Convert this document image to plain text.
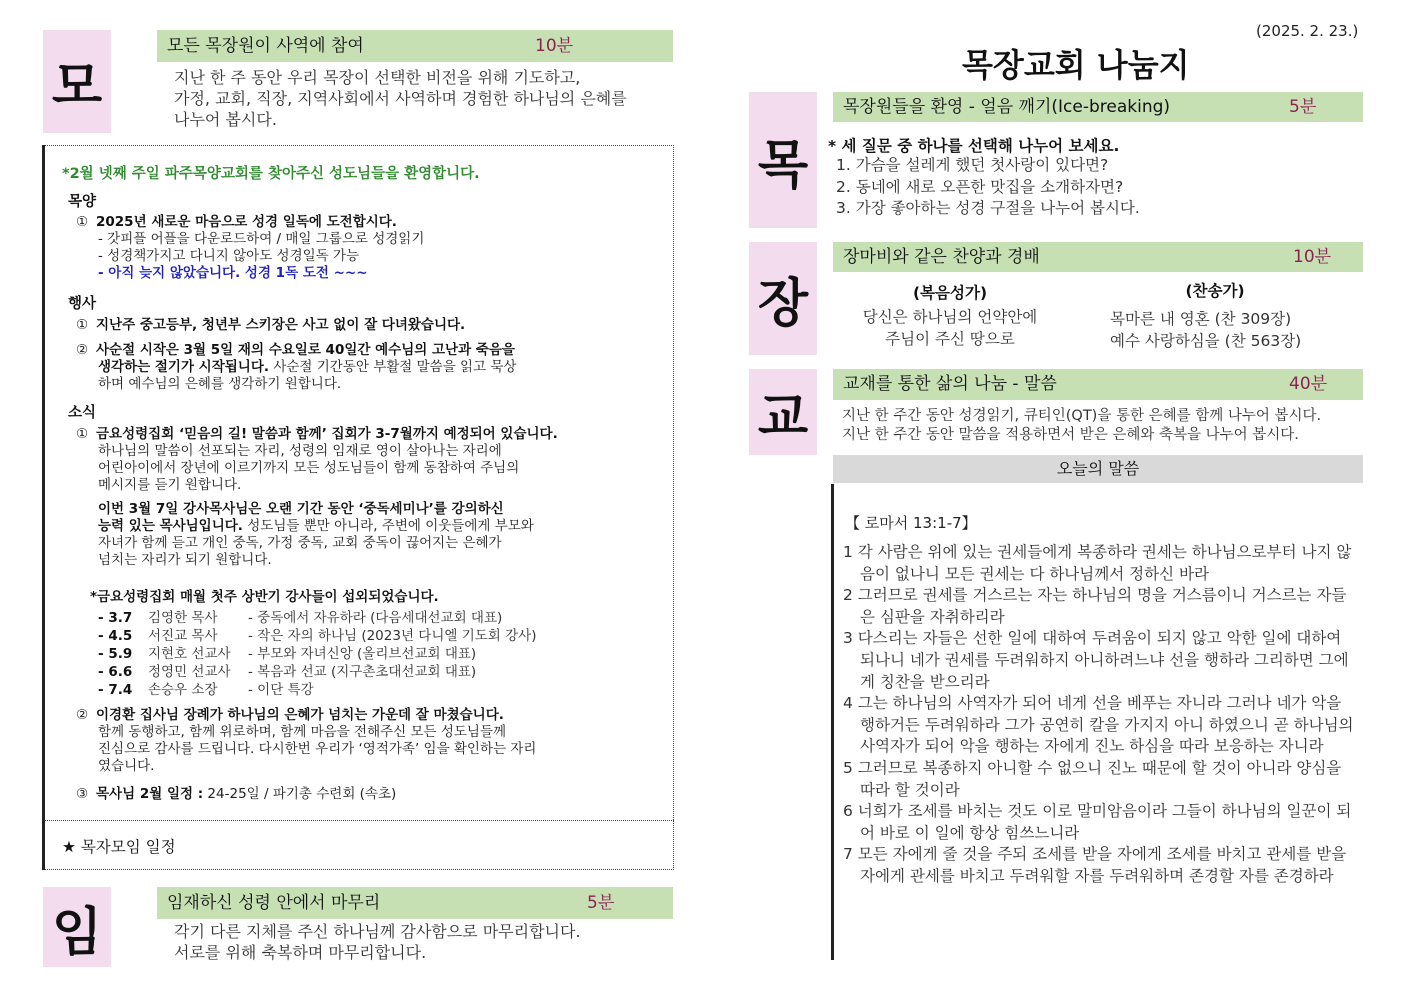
모
모든 목장원이 사역에 참여	10분
지난 한 주 동안 우리 목장이 선택한 비전을 위해 기도하고,
가정, 교회, 직장, 지역사회에서 사역하며 경험한 하나님의 은혜를
나누어 봅시다.
*2월 넷째 주일 파주목양교회를 찾아주신 성도님들을 환영합니다.
목양
① 2025년 새로운 마음으로 성경 일독에 도전합시다.
- 갓피플 어플을 다운로드하여 / 매일 그룹으로 성경읽기
- 성경책가지고 다니지 않아도 성경일독 가능
- 아직 늦지 않았습니다. 성경 1독 도전 ~~~
행사
① 지난주 중고등부, 청년부 스키장은 사고 없이 잘 다녀왔습니다.
② 사순절 시작은 3월 5일 재의 수요일로 40일간 예수님의 고난과 죽음을
생각하는 절기가 시작됩니다. 사순절 기간동안 부활절 말씀을 읽고 묵상
하며 예수님의 은혜를 생각하기 원합니다.
소식
① 금요성령집회 ‘믿음의 길! 말씀과 함께’ 집회가 3-7월까지 예정되어 있습니다.
하나님의 말씀이 선포되는 자리, 성령의 임재로 영이 살아나는 자리에
어린아이에서 장년에 이르기까지 모든 성도님들이 함께 동참하여 주님의
메시지를 듣기 원합니다.
이번 3월 7일 강사목사님은 오랜 기간 동안 ‘중독세미나’를 강의하신
능력 있는 목사님입니다. 성도님들 뿐만 아니라, 주변에 이웃들에게 부모와
자녀가 함께 듣고 개인 중독, 가정 중독, 교회 중독이 끊어지는 은혜가
넘치는 자리가 되기 원합니다.
*금요성령집회 매월 첫주 상반기 강사들이 섭외되었습니다.
- 3.7 김영한 목사 - 중독에서 자유하라 (다음세대선교회 대표)
- 4.5 서진교 목사 - 작은 자의 하나님 (2023년 다니엘 기도회 강사)
- 5.9 지현호 선교사 - 부모와 자녀신앙 (올리브선교회 대표)
- 6.6 정영민 선교사 - 복음과 선교 (지구촌초대선교회 대표)
- 7.4 손승우 소장 - 이단 특강
② 이경환 집사님 장례가 하나님의 은혜가 넘치는 가운데 잘 마쳤습니다.
함께 동행하고, 함께 위로하며, 함께 마음을 전해주신 모든 성도님들께
진심으로 감사를 드립니다. 다시한번 우리가 ‘영적가족’ 임을 확인하는 자리
였습니다.
③ 목사님 2월 일정 : 24-25일 / 파기총 수련회 (속초)
★ 목자모임 일정
임	임재하신 성령 안에서 마무리	5분
각기 다른 지체를 주신 하나님께 감사함으로 마무리합니다.
서로를 위해 축복하며 마무리합니다.
(2025. 2. 23.)
목장교회 나눔지
목
목장원들을 환영 - 얼음 깨기(Ice-breaking)	5분
* 세 질문 중 하나를 선택해 나누어 보세요.
1. 가슴을 설레게 했던 첫사랑이 있다면?
2. 동네에 새로 오픈한 맛집을 소개하자면?
3. 가장 좋아하는 성경 구절을 나누어 봅시다.
장
장마비와 같은 찬양과 경배	10분
(복음성가)
당신은 하나님의 언약안에
주님이 주신 땅으로
(찬송가)
목마른 내 영혼 (찬 309장)
예수 사랑하심을 (찬 563장)
교
교재를 통한 삶의 나눔 - 말씀	40분
지난 한 주간 동안 성경읽기, 큐티인(QT)을 통한 은혜를 함께 나누어 봅시다.
지난 한 주간 동안 말씀을 적용하면서 받은 은혜와 축복을 나누어 봅시다.
오늘의 말씀
【 로마서 13:1-7】
1 각 사람은 위에 있는 권세들에게 복종하라 권세는 하나님으로부터 나지 않음이 없나니 모든 권세는 다 하나님께서 정하신 바라
2 그러므로 권세를 거스르는 자는 하나님의 명을 거스름이니 거스르는 자들은 심판을 자취하리라
3 다스리는 자들은 선한 일에 대하여 두려움이 되지 않고 악한 일에 대하여 되나니 네가 권세를 두려워하지 아니하려느냐 선을 행하라 그리하면 그에게 칭찬을 받으리라
4 그는 하나님의 사역자가 되어 네게 선을 베푸는 자니라 그러나 네가 악을 행하거든 두려워하라 그가 공연히 칼을 가지지 아니 하였으니 곧 하나님의 사역자가 되어 악을 행하는 자에게 진노 하심을 따라 보응하는 자니라
5 그러므로 복종하지 아니할 수 없으니 진노 때문에 할 것이 아니라 양심을 따라 할 것이라
6 너희가 조세를 바치는 것도 이로 말미암음이라 그들이 하나님의 일꾼이 되어 바로 이 일에 항상 힘쓰느니라
7 모든 자에게 줄 것을 주되 조세를 받을 자에게 조세를 바치고 관세를 받을 자에게 관세를 바치고 두려워할 자를 두려워하며 존경할 자를 존경하라
